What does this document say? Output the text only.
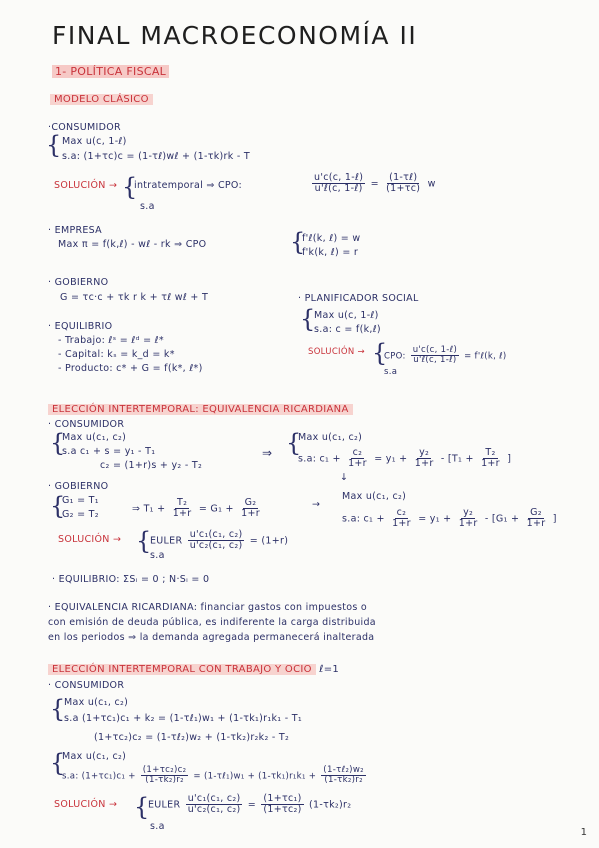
FINAL MACROECONOMÍA II
1- POLÍTICA FISCAL
MODELO CLÁSICO
·CONSUMIDOR
{ Max u(c, 1-ℓ)
s.a: (1+τc)c = (1-τℓ)wℓ + (1-τk)rk - T
SOLUCIÓN → {
intratemporal ⇒ CPO:	$\frac{\text{u'c(c, 1-ℓ)}}{\text{u'ℓ(c, 1-ℓ)}} = \frac{\text{(1-τℓ)}}{(1+\tau c)}$ w
s.a
· EMPRESA
Max π = f(k,ℓ) - wℓ - rk ⇒ CPO	{
f'ℓ(k, ℓ) = w
f'k(k, ℓ) = r
· GOBIERNO
G = τc·c + τk r k + τℓ wℓ + T	· PLANIFICADOR SOCIAL
{
Max u(c, 1-ℓ)
s.a: c = f(k,ℓ)
SOLUCIÓN → {
CPO: $\frac{\text{u'c(c, 1-ℓ)}}{\text{u'ℓ(c, 1-ℓ)}}$ = f'ℓ(k, ℓ)
s.a
· EQUILIBRIO
- Trabajo: ℓˢ = ℓᵈ = ℓ*
- Capital: kₛ = k_d = k*
- Producto: c* + G = f(k*, ℓ*)
ELECCIÓN INTERTEMPORAL: EQUIVALENCIA RICARDIANA
· CONSUMIDOR
{
Max u(c₁, c₂)
s.a c₁ + s = y₁ - T₁
c₂ = (1+r)s + y₂ - T₂
⇒ {
Max u(c₁, c₂)
s.a: $c_1 + \frac{\text{c₂}}{1+r} = y_1 + \frac{\text{y₂}}{1+r} - [T_1 + \frac{\text{T₂}}{1+r}$ ]
· GOBIERNO
{
G₁ = T₁
G₂ = T₂
⇒ $T_1 + \frac{\text{T₂}}{1+r} = G_1 + \frac{\text{G₂}}{1+r}$	→
↓
Max u(c₁, c₂)
s.a: $c_1 + \frac{\text{c₂}}{1+r} = y_1 + \frac{\text{y₂}}{1+r} - [G_1 + \frac{\text{G₂}}{1+r}$ ]
SOLUCIÓN → {
EULER $\frac{\text{u'c₁(c₁, c₂)}}{\text{u'c₂(c₁, c₂)}} = (1+r)$
s.a
· EQUILIBRIO: ΣSᵢ = 0 ; N·Sᵢ = 0
· EQUIVALENCIA RICARDIANA: financiar gastos con impuestos o
con emisión de deuda pública, es indiferente la carga distribuida
en los periodos ⇒ la demanda agregada permanecerá inalterada
ELECCIÓN INTERTEMPORAL CON TRABAJO Y OCIO ℓ=1
· CONSUMIDOR
{
Max u(c₁, c₂)
s.a (1+τc₁)c₁ + k₂ = (1-τℓ₁)w₁ + (1-τk₁)r₁k₁ - T₁
(1+τc₂)c₂ = (1-τℓ₂)w₂ + (1-τk₂)r₂k₂ - T₂
{
Max u(c₁, c₂)
s.a: $(1+\tau c_1)c_1 + \frac{\text{(1+τc₂)c₂}}{\text{(1-τk₂)r₂}}$ = (1-τℓ₁)w₁ + $(1-\tau k_1)r_1k_1 + \frac{\text{(1-τℓ₂)w₂}}{\text{(1-τk₂)r₂}}$
SOLUCIÓN → {
EULER $\frac{\text{u'c₁(c₁, c₂)}}{\text{u'c₂(c₁, c₂)}} = \frac{\text{(1+τc₁)}}{\text{(1+τc₂)}} (1-\tau k_2)r_2$
s.a
1
